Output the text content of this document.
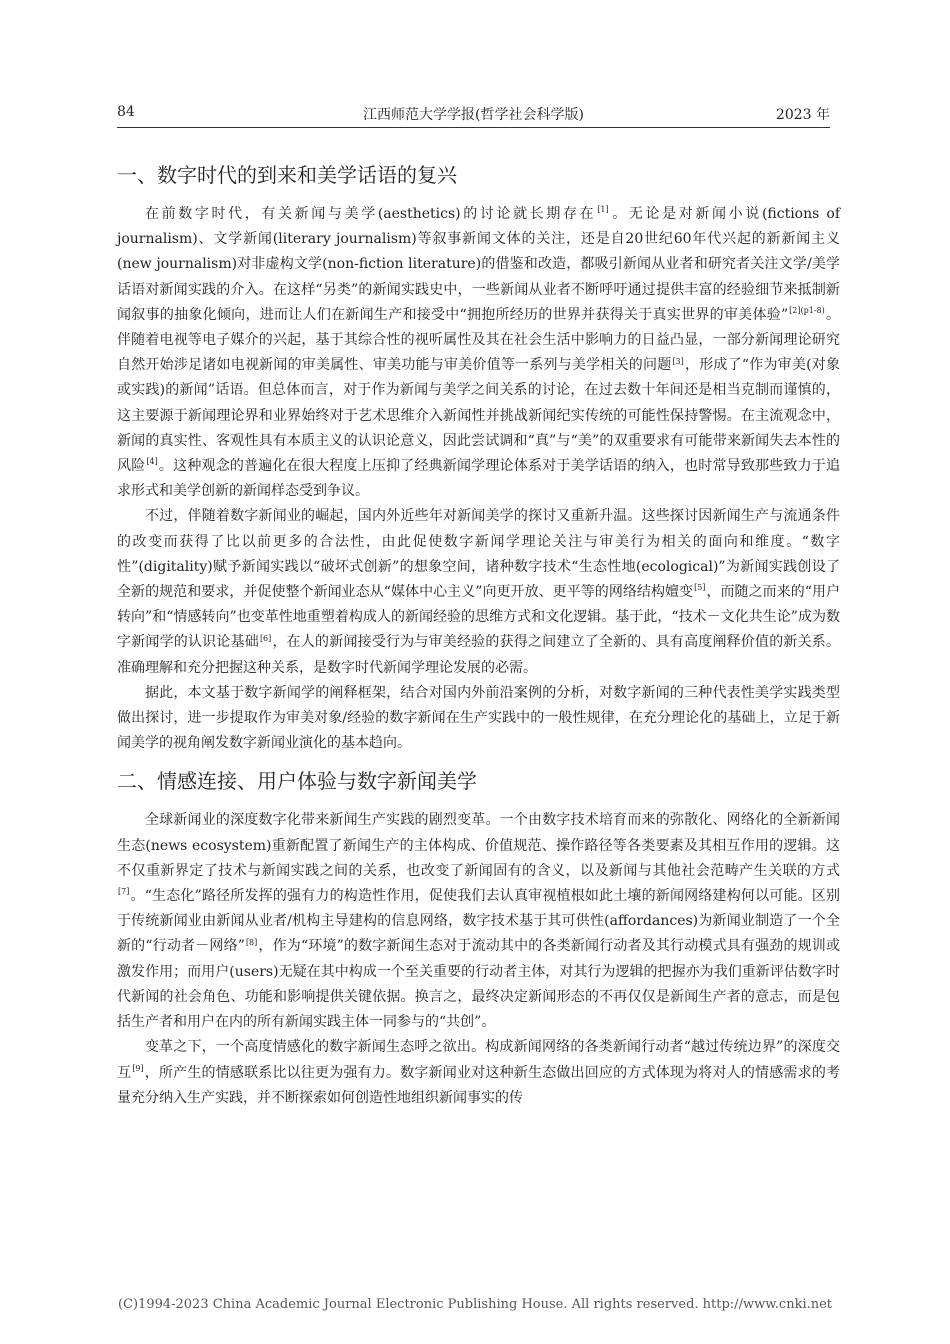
84	江西师范大学学报(哲学社会科学版)	2023 年
一、数字时代的到来和美学话语的复兴

在前数字时代，有关新闻与美学(aesthetics)的讨论就长期存在[1]。无论是对新闻小说(fictions of journalism)、文学新闻(literary journalism)等叙事新闻文体的关注，还是自20世纪60年代兴起的新新闻主义(new journalism)对非虚构文学(non-fiction literature)的借鉴和改造，都吸引新闻从业者和研究者关注文学/美学话语对新闻实践的介入。在这样“另类”的新闻实践史中，一些新闻从业者不断呼吁通过提供丰富的经验细节来抵制新闻叙事的抽象化倾向，进而让人们在新闻生产和接受中“拥抱所经历的世界并获得关于真实世界的审美体验”$^{[2](p1-8)}$。伴随着电视等电子媒介的兴起，基于其综合性的视听属性及其在社会生活中影响力的日益凸显，一部分新闻理论研究自然开始涉足诸如电视新闻的审美属性、审美功能与审美价值等一系列与美学相关的问题[3]，形成了“作为审美(对象或实践)的新闻”话语。但总体而言，对于作为新闻与美学之间关系的讨论，在过去数十年间还是相当克制而谨慎的，这主要源于新闻理论界和业界始终对于艺术思维介入新闻性并挑战新闻纪实传统的可能性保持警惕。在主流观念中，新闻的真实性、客观性具有本质主义的认识论意义，因此尝试调和“真”与“美”的双重要求有可能带来新闻失去本性的风险[4]。这种观念的普遍化在很大程度上压抑了经典新闻学理论体系对于美学话语的纳入，也时常导致那些致力于追求形式和美学创新的新闻样态受到争议。

不过，伴随着数字新闻业的崛起，国内外近些年对新闻美学的探讨又重新升温。这些探讨因新闻生产与流通条件的改变而获得了比以前更多的合法性，由此促使数字新闻学理论关注与审美行为相关的面向和维度。“数字性”(digitality)赋予新闻实践以“破坏式创新”的想象空间，诸种数字技术“生态性地(ecological)”为新闻实践创设了全新的规范和要求，并促使整个新闻业态从“媒体中心主义”向更开放、更平等的网络结构嬗变[5]，而随之而来的“用户转向”和“情感转向”也变革性地重塑着构成人的新闻经验的思维方式和文化逻辑。基于此，“技术－文化共生论”成为数字新闻学的认识论基础[6]，在人的新闻接受行为与审美经验的获得之间建立了全新的、具有高度阐释价值的新关系。准确理解和充分把握这种关系，是数字时代新闻学理论发展的必需。

据此，本文基于数字新闻学的阐释框架，结合对国内外前沿案例的分析，对数字新闻的三种代表性美学实践类型做出探讨，进一步提取作为审美对象/经验的数字新闻在生产实践中的一般性规律，在充分理论化的基础上，立足于新闻美学的视角阐发数字新闻业演化的基本趋向。

二、情感连接、用户体验与数字新闻美学

全球新闻业的深度数字化带来新闻生产实践的剧烈变革。一个由数字技术培育而来的弥散化、网络化的全新新闻生态(news ecosystem)重新配置了新闻生产的主体构成、价值规范、操作路径等各类要素及其相互作用的逻辑。这不仅重新界定了技术与新闻实践之间的关系，也改变了新闻固有的含义，以及新闻与其他社会范畴产生关联的方式[7]。“生态化”路径所发挥的强有力的构造性作用，促使我们去认真审视植根如此土壤的新闻网络建构何以可能。区别于传统新闻业由新闻从业者/机构主导建构的信息网络，数字技术基于其可供性(affordances)为新闻业制造了一个全新的“行动者－网络”[8]，作为“环境”的数字新闻生态对于流动其中的各类新闻行动者及其行动模式具有强劲的规训或激发作用；而用户(users)无疑在其中构成一个至关重要的行动者主体，对其行为逻辑的把握亦为我们重新评估数字时代新闻的社会角色、功能和影响提供关键依据。换言之，最终决定新闻形态的不再仅仅是新闻生产者的意志，而是包括生产者和用户在内的所有新闻实践主体一同参与的“共创”。

变革之下，一个高度情感化的数字新闻生态呼之欲出。构成新闻网络的各类新闻行动者“越过传统边界”的深度交互[9]，所产生的情感联系比以往更为强有力。数字新闻业对这种新生态做出回应的方式体现为将对人的情感需求的考量充分纳入生产实践，并不断探索如何创造性地组织新闻事实的传

(C)1994-2023 China Academic Journal Electronic Publishing House. All rights reserved. http://www.cnki.net
